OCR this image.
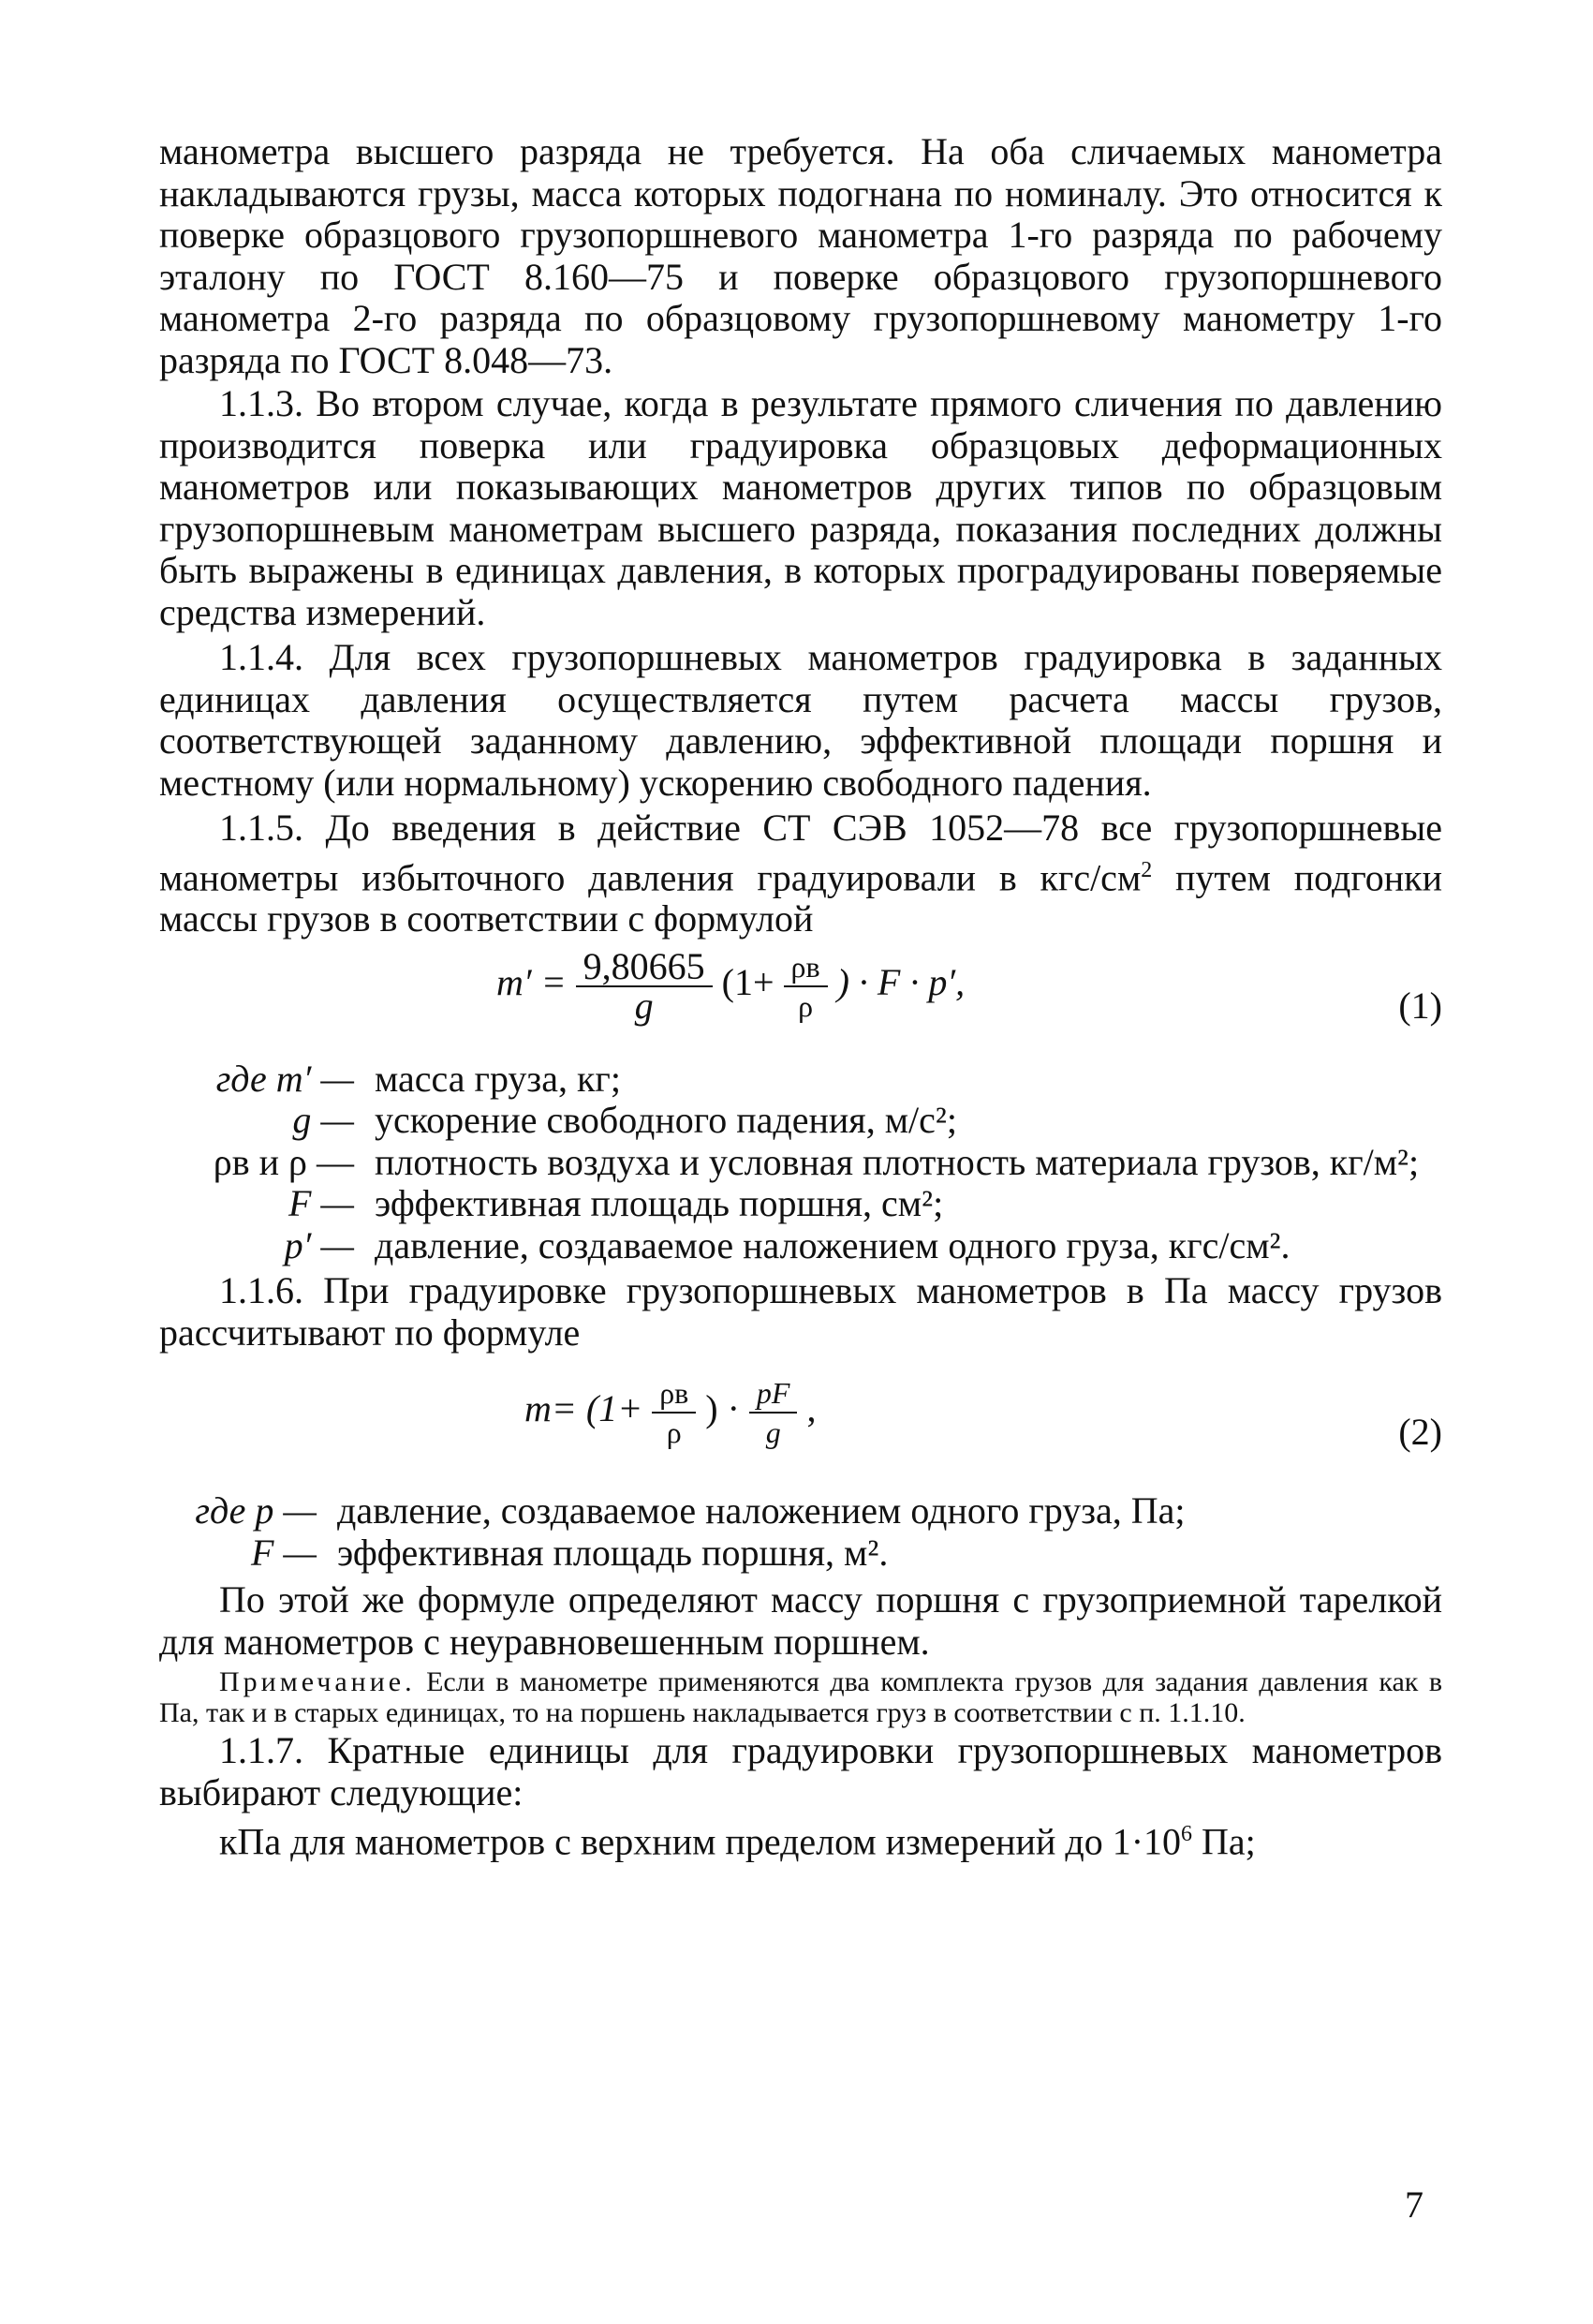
манометра высшего разряда не требуется. На оба сличаемых манометра накладываются грузы, масса которых подогнана по номиналу. Это относится к поверке образцового грузопоршневого манометра 1-го разряда по рабочему эталону по ГОСТ 8.160—75 и поверке образцового грузопоршневого манометра 2-го разряда по образцовому грузопоршневому манометру 1-го разряда по ГОСТ 8.048—73.

1.1.3. Во втором случае, когда в результате прямого сличения по давлению производится поверка или градуировка образцовых деформационных манометров или показывающих манометров других типов по образцовым грузопоршневым манометрам высшего разряда, показания последних должны быть выражены в единицах давления, в которых проградуированы поверяемые средства измерений.

1.1.4. Для всех грузопоршневых манометров градуировка в заданных единицах давления осуществляется путем расчета массы грузов, соответствующей заданному давлению, эффективной площади поршня и местному (или нормальному) ускорению свободного падения.

1.1.5. До введения в действие СТ СЭВ 1052—78 все грузопоршневые манометры избыточного давления градуировали в кгс/$см^2$ путем подгонки массы грузов в соответствии с формулой

$m' = \frac{9,80665}{g} (1+ \frac{\rho в}{\rho}$ ) · F · p′,
(1)
где m′ — масса груза, кг;
g — ускорение свободного падения, м/с²;
ρв и ρ — плотность воздуха и условная плотность материала грузов, кг/м²;
F — эффективная площадь поршня, см²;
p′ — давление, создаваемое наложением одного груза, кгс/см².

1.1.6. При градуировке грузопоршневых манометров в Па массу грузов рассчитывают по формуле

$m= (1+ \frac{\rho в}{\rho}$ ) · $\frac{pF}{g}$ ,
(2)
где p — давление, создаваемое наложением одного груза, Па;
F — эффективная площадь поршня, м².

По этой же формуле определяют массу поршня с грузоприемной тарелкой для манометров с неуравновешенным поршнем.

Примечание. Если в манометре применяются два комплекта грузов для задания давления как в Па, так и в старых единицах, то на поршень накладывается груз в соответствии с п. 1.1.10.

1.1.7. Кратные единицы для градуировки грузопоршневых манометров выбирают следующие:

кПа для манометров с верхним пределом измерений до $1\cdot 10^6$ Па;

7
